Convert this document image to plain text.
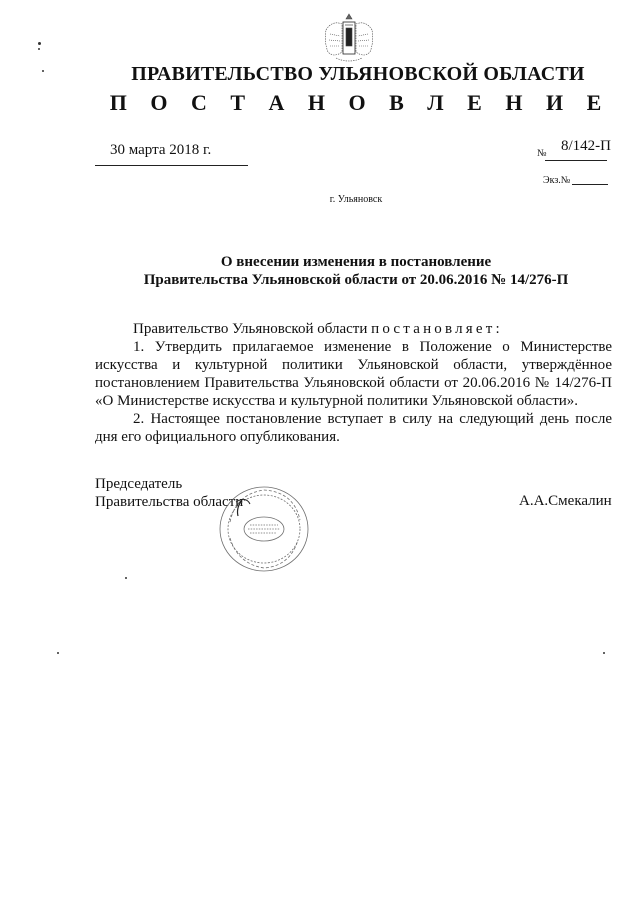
ПРАВИТЕЛЬСТВО УЛЬЯНОВСКОЙ ОБЛАСТИ
П О С Т А Н О В Л Е Н И Е
30 марта 2018 г.	№ 8/142-П
Экз.№
г. Ульяновск
О внесении изменения в постановление
Правительства Ульяновской области от 20.06.2016 № 14/276-П
Правительство Ульяновской области постановляет:

1. Утвердить прилагаемое изменение в Положение о Министерстве искусства и культурной политики Ульяновской области, утверждённое постановлением Правительства Ульяновской области от 20.06.2016 № 14/276-П «О Министерстве искусства и культурной политики Ульяновской области».

2. Настоящее постановление вступает в силу на следующий день после дня его официального опубликования.

Председатель
Правительства области	А.А.Смекалин
